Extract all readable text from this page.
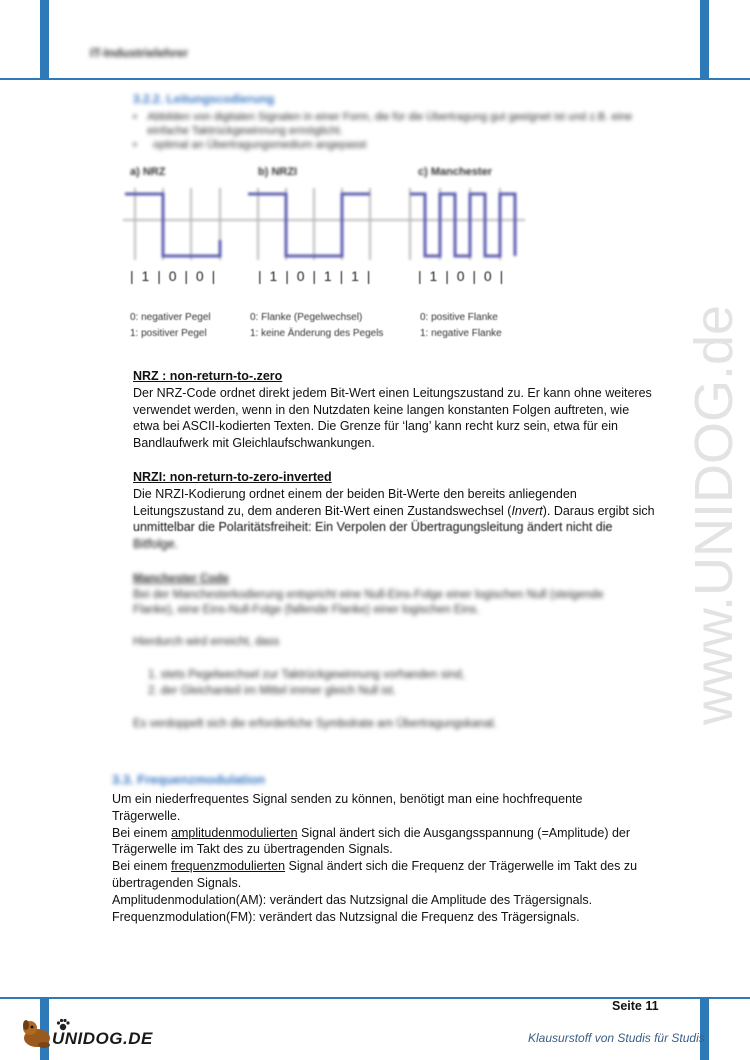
IT-Industrielehrer
3.2.2. Leitungscodierung
• Abbilden von digitalen Signalen in einer Form, die für die Übertragung gut geeignet ist und z.B. eine einfache Taktrückgewinnung ermöglicht.
•	optimal an Übertragungsmedium angepasst
a) NRZ	b) NRZI	c) Manchester
| 1 | 0 | 0 |	| 1 | 0 | 1 | 1 |	| 1 | 0 | 0 |
0: negativer Pegel
1: positiver Pegel
0: Flanke (Pegelwechsel)
1: keine Änderung des Pegels
0: positive Flanke
1: negative Flanke

NRZ : non-return-to-.zero

Der NRZ-Code ordnet direkt jedem Bit-Wert einen Leitungszustand zu. Er kann ohne weiteres

verwendet werden, wenn in den Nutzdaten keine langen konstanten Folgen auftreten, wie

etwa bei ASCII-kodierten Texten. Die Grenze für ‘lang’ kann recht kurz sein, etwa für ein

Bandlaufwerk mit Gleichlaufschwankungen.

NRZI: non-return-to-zero-inverted

Die NRZI-Kodierung ordnet einem der beiden Bit-Werte den bereits anliegenden

Leitungszustand zu, dem anderen Bit-Wert einen Zustandswechsel (Invert). Daraus ergibt sich

unmittelbar die Polaritätsfreiheit: Ein Verpolen der Übertragungsleitung ändert nicht die

Bitfolge.

Manchester Code
Bei der Manchesterkodierung entspricht eine Null-Eins-Folge einer logischen Null (steigende
Flanke), eine Eins-Null-Folge (fallende Flanke) einer logischen Eins.
Hierdurch wird erreicht, dass
1. stets Pegelwechsel zur Taktrückgewinnung vorhanden sind,
2. der Gleichanteil im Mittel immer gleich Null ist.
Es verdoppelt sich die erforderliche Symbolrate am Übertragungskanal.
3.3. Frequenzmodulation

Um ein niederfrequentes Signal senden zu können, benötigt man eine hochfrequente

Trägerwelle.

Bei einem amplitudenmodulierten Signal ändert sich die Ausgangsspannung (=Amplitude) der

Trägerwelle im Takt des zu übertragenden Signals.

Bei einem frequenzmodulierten Signal ändert sich die Frequenz der Trägerwelle im Takt des zu

übertragenden Signals.

Amplitudenmodulation(AM): verändert das Nutzsignal die Amplitude des Trägersignals.

Frequenzmodulation(FM): verändert das Nutzsignal die Frequenz des Trägersignals.

www.UNIDOG.de
Seite 11
UNIDOG.DE	Klausurstoff von Studis für Studis
